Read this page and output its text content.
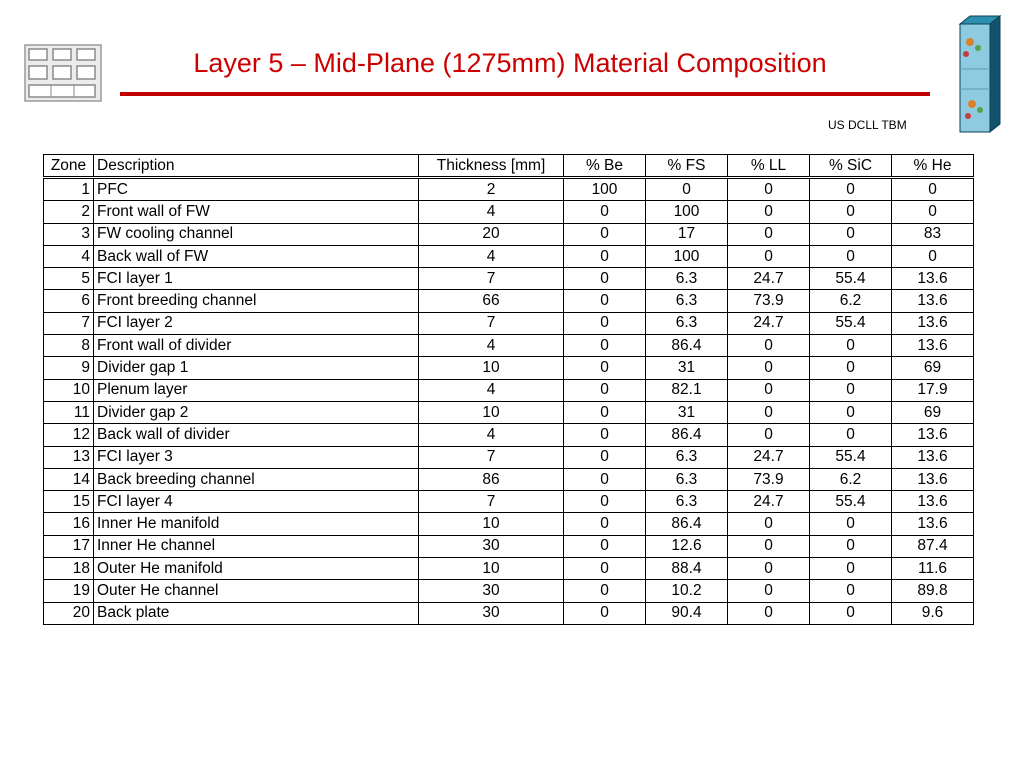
Layer 5 – Mid-Plane (1275mm) Material Composition
US DCLL TBM
Zone	Description	Thickness [mm]	% Be	% FS	% LL	% SiC	% He
1	PFC	2	100	0	0	0	0
2	Front wall of FW	4	0	100	0	0	0
3	FW cooling channel	20	0	17	0	0	83
4	Back wall of FW	4	0	100	0	0	0
5	FCI layer 1	7	0	6.3	24.7	55.4	13.6
6	Front breeding channel	66	0	6.3	73.9	6.2	13.6
7	FCI layer 2	7	0	6.3	24.7	55.4	13.6
8	Front wall of divider	4	0	86.4	0	0	13.6
9	Divider gap 1	10	0	31	0	0	69
10	Plenum layer	4	0	82.1	0	0	17.9
11	Divider gap 2	10	0	31	0	0	69
12	Back wall of divider	4	0	86.4	0	0	13.6
13	FCI layer 3	7	0	6.3	24.7	55.4	13.6
14	Back breeding channel	86	0	6.3	73.9	6.2	13.6
15	FCI layer 4	7	0	6.3	24.7	55.4	13.6
16	Inner He manifold	10	0	86.4	0	0	13.6
17	Inner He channel	30	0	12.6	0	0	87.4
18	Outer He manifold	10	0	88.4	0	0	11.6
19	Outer He channel	30	0	10.2	0	0	89.8
20	Back plate	30	0	90.4	0	0	9.6
